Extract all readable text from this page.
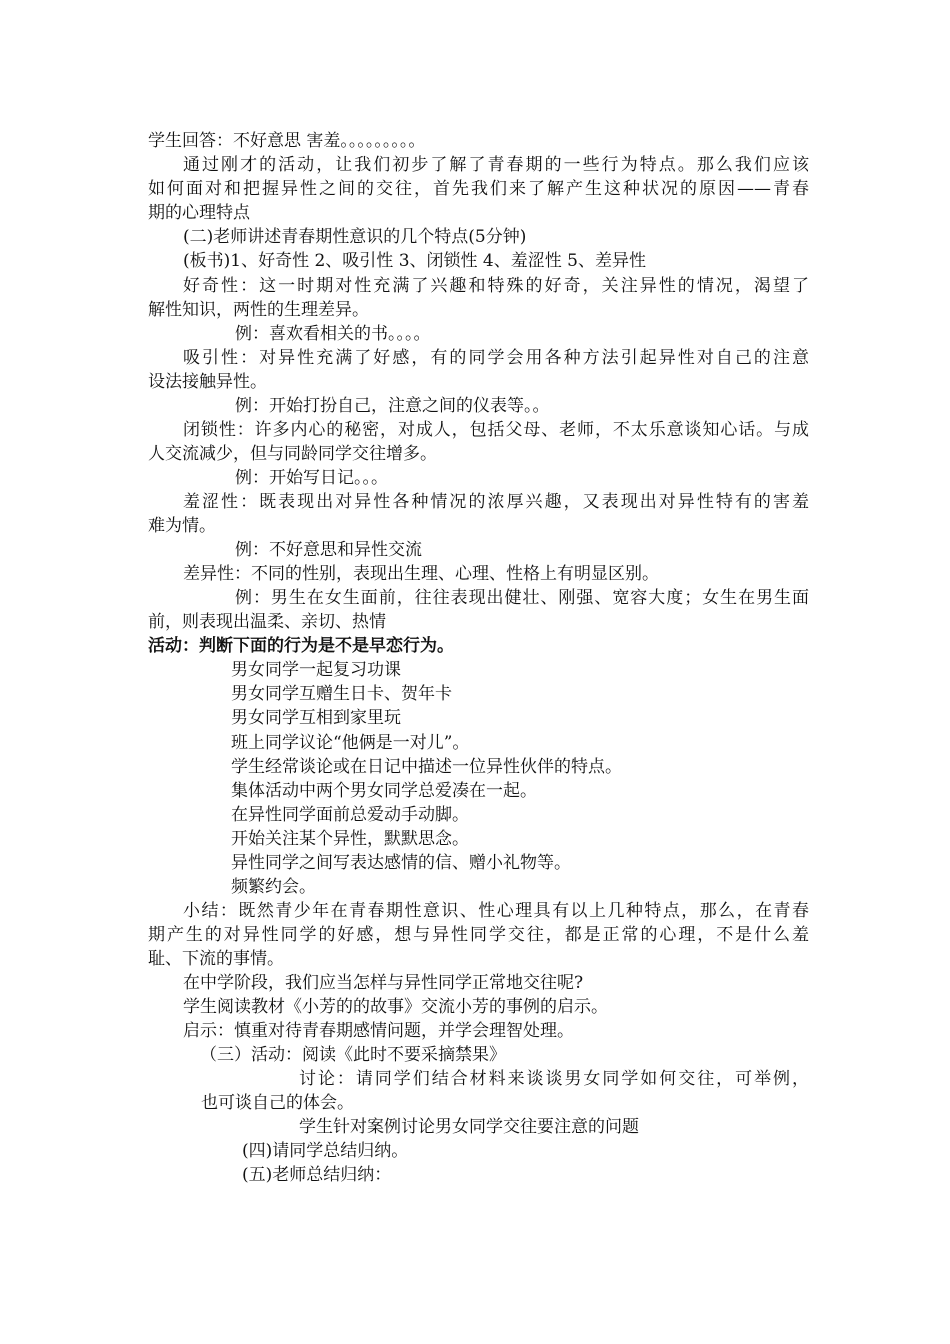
学生回答：不好意思 害羞。。。。。。。。。
通过刚才的活动，让我们初步了解了青春期的一些行为特点。那么我们应该
如何面对和把握异性之间的交往，首先我们来了解产生这种状况的原因——青春
期的心理特点
(二)老师讲述青春期性意识的几个特点(5分钟)
(板书)1、好奇性 2、吸引性 3、闭锁性 4、羞涩性 5、差异性
好奇性：这一时期对性充满了兴趣和特殊的好奇，关注异性的情况，渴望了
解性知识，两性的生理差异。
例：喜欢看相关的书。。。。
吸引性：对异性充满了好感，有的同学会用各种方法引起异性对自己的注意
设法接触异性。
例：开始打扮自己，注意之间的仪表等。。
闭锁性：许多内心的秘密，对成人，包括父母、老师，不太乐意谈知心话。与成
人交流减少，但与同龄同学交往增多。
例：开始写日记。。。
羞涩性：既表现出对异性各种情况的浓厚兴趣，又表现出对异性特有的害羞
难为情。
例：不好意思和异性交流
差异性：不同的性别，表现出生理、心理、性格上有明显区别。
例：男生在女生面前，往往表现出健壮、刚强、宽容大度；女生在男生面
前，则表现出温柔、亲切、热情
活动：判断下面的行为是不是早恋行为。
男女同学一起复习功课
男女同学互赠生日卡、贺年卡
男女同学互相到家里玩
班上同学议论“他俩是一对儿”。
学生经常谈论或在日记中描述一位异性伙伴的特点。
集体活动中两个男女同学总爱凑在一起。
在异性同学面前总爱动手动脚。
开始关注某个异性，默默思念。
异性同学之间写表达感情的信、赠小礼物等。
频繁约会。
小结：既然青少年在青春期性意识、性心理具有以上几种特点，那么，在青春
期产生的对异性同学的好感，想与异性同学交往，都是正常的心理，不是什么羞
耻、下流的事情。
在中学阶段，我们应当怎样与异性同学正常地交往呢?
学生阅读教材《小芳的的故事》交流小芳的事例的启示。
启示：慎重对待青春期感情问题，并学会理智处理。
（三）活动：阅读《此时不要采摘禁果》
讨论：请同学们结合材料来谈谈男女同学如何交往，可举例，
也可谈自己的体会。
学生针对案例讨论男女同学交往要注意的问题
(四)请同学总结归纳。
(五)老师总结归纳：
